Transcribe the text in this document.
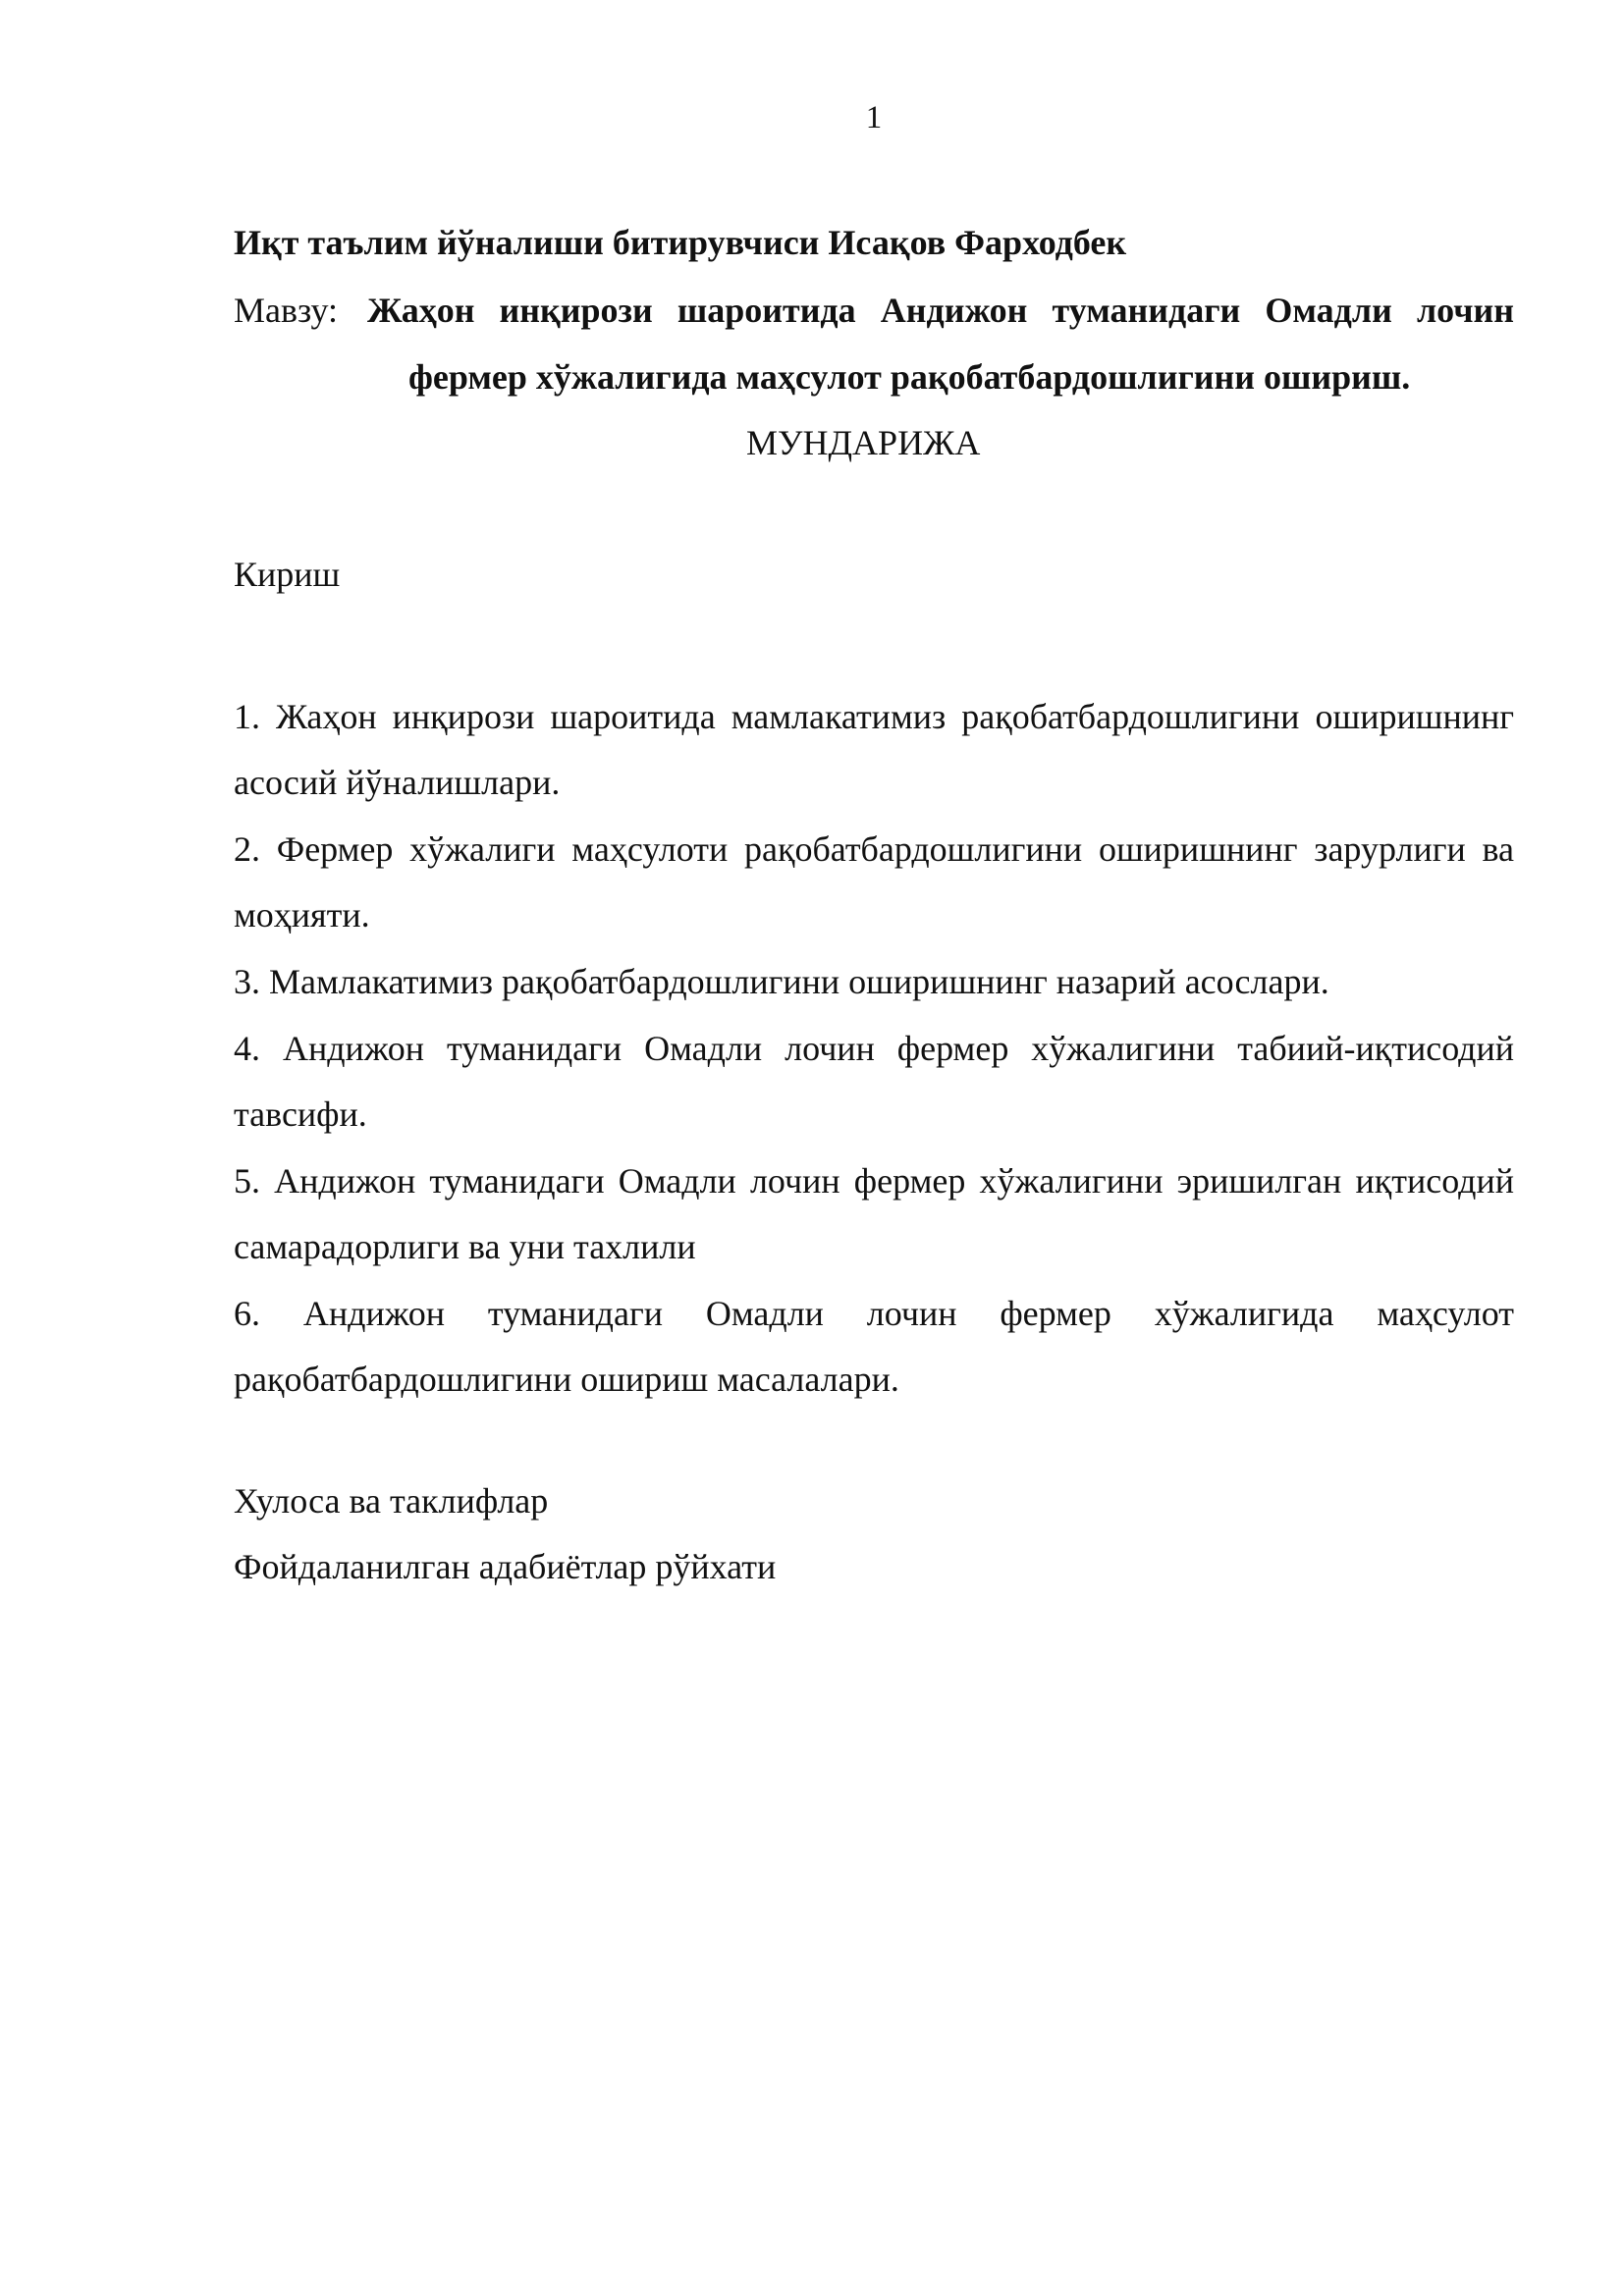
1
Иқт таълим йўналиши битирувчиси Исақов Фарходбек
Мавзу: Жаҳон инқирози шароитида Андижон туманидаги Омадли лочин
фермер хўжалигида маҳсулот рақобатбардошлигини ошириш.
МУНДАРИЖА
Кириш
1. Жаҳон инқирози шароитида мамлакатимиз рақобатбардошлигини оширишнинг асосий йўналишлари.
2. Фермер хўжалиги маҳсулоти рақобатбардошлигини оширишнинг зарурлиги ва моҳияти.
3. Мамлакатимиз рақобатбардошлигини оширишнинг назарий асослари.
4. Андижон туманидаги Омадли лочин фермер хўжалигини табиий-иқтисодий тавсифи.
5. Андижон туманидаги Омадли лочин фермер хўжалигини эришилган иқтисодий самарадорлиги ва уни тахлили
6. Андижон туманидаги Омадли лочин фермер хўжалигида маҳсулот рақобатбардошлигини ошириш масалалари.
Хулоса ва таклифлар
Фойдаланилган адабиётлар рўйхати
